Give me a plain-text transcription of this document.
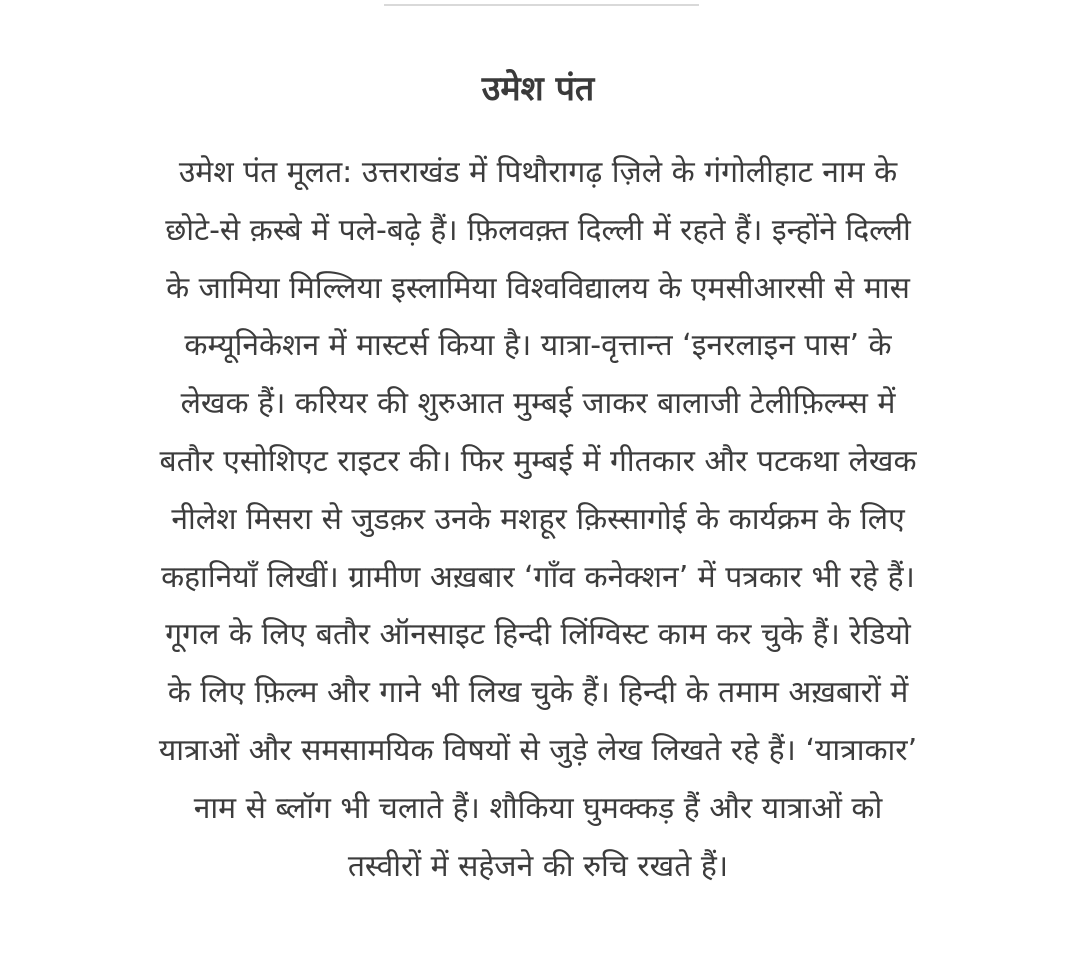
उमेश पंत

उमेश पंत मूलत: उत्तराखंड में पिथौरागढ़ ज़िले के गंगोलीहाट नाम के
छोटे-से क़स्बे में पले-बढ़े हैं। फ़िलवक़्त दिल्ली में रहते हैं। इन्होंने दिल्ली
के जामिया मिल्लिया इस्लामिया विश्वविद्यालय के एमसीआरसी से मास
कम्यूनिकेशन में मास्टर्स किया है। यात्रा-वृत्तान्त ‘इनरलाइन पास’ के
लेखक हैं। करियर की शुरुआत मुम्बई जाकर बालाजी टेलीफ़िल्म्स में
बतौर एसोशिएट राइटर की। फिर मुम्बई में गीतकार और पटकथा लेखक
नीलेश मिसरा से जुडक़र उनके मशहूर क़िस्सागोई के कार्यक्रम के लिए
कहानियाँ लिखीं। ग्रामीण अख़बार ‘गाँव कनेक्शन’ में पत्रकार भी रहे हैं।
गूगल के लिए बतौर ऑनसाइट हिन्दी लिंग्विस्ट काम कर चुके हैं। रेडियो
के लिए फ़िल्म और गाने भी लिख चुके हैं। हिन्दी के तमाम अख़बारों में
यात्राओं और समसामयिक विषयों से जुड़े लेख लिखते रहे हैं। ‘यात्राकार’
नाम से ब्लॉग भी चलाते हैं। शौकिया घुमक्कड़ हैं और यात्राओं को
तस्वीरों में सहेजने की रुचि रखते हैं।
